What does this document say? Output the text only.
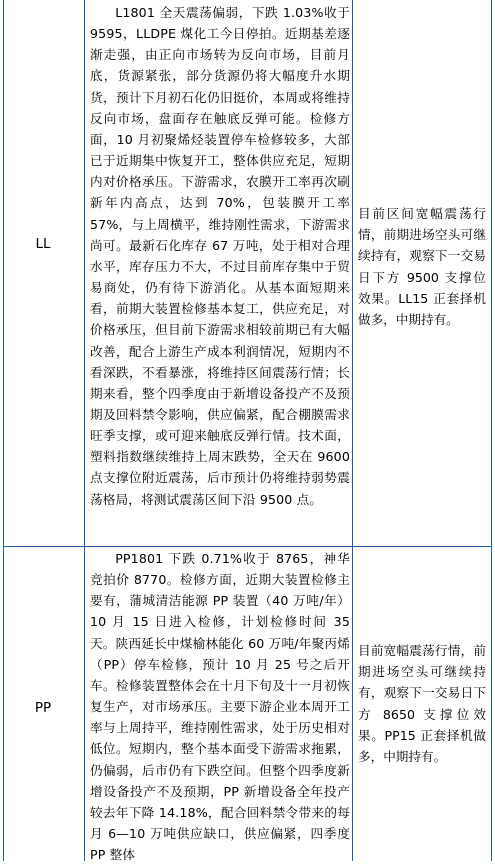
LL

L1801 全天震荡偏弱，下跌 1.03%收于 9595，LLDPE 煤化工今日停拍。近期基差逐渐走强，由正向市场转为反向市场，目前月底，货源紧张，部分货源仍将大幅度升水期货，预计下月初石化仍旧挺价，本周或将维持反向市场，盘面存在触底反弹可能。检修方面，10 月初聚烯烃装置停车检修较多，大部已于近期集中恢复开工，整体供应充足，短期内对价格承压。下游需求，农膜开工率再次刷新年内高点，达到 70%，包装膜开工率 57%，与上周横平，维持刚性需求，下游需求尚可。最新石化库存 67 万吨，处于相对合理水平，库存压力不大，不过目前库存集中于贸易商处，仍有待下游消化。从基本面短期来看，前期大装置检修基本复工，供应充足，对价格承压，但目前下游需求相较前期已有大幅改善，配合上游生产成本利润情况，短期内不看深跌，不看暴涨，将维持区间震荡行情；长期来看，整个四季度由于新增设备投产不及预期及回料禁令影响，供应偏紧，配合棚膜需求旺季支撑，或可迎来触底反弹行情。技术面，塑料指数继续维持上周末跌势，全天在 9600 点支撑位附近震荡，后市预计仍将维持弱势震荡格局，将测试震荡区间下沿 9500 点。

目前区间宽幅震荡行情，前期进场空头可继续持有，观察下一交易日下方 9500 支撑位效果。LL15 正套择机做多，中期持有。
PP

PP1801 下跌 0.71%收于 8765，神华竞拍价 8770。检修方面，近期大装置检修主要有，蒲城清洁能源 PP 装置（40 万吨/年）10 月 15 日进入检修，计划检修时间 35 天。陕西延长中煤榆林能化 60 万吨/年聚丙烯（PP）停车检修，预计 10 月 25 号之后开车。检修装置整体会在十月下旬及十一月初恢复生产，对市场承压。主要下游企业本周开工率与上周持平，维持刚性需求，处于历史相对低位。短期内，整个基本面受下游需求拖累，仍偏弱，后市仍有下跌空间。但整个四季度新增设备投产不及预期，PP 新增设备全年投产较去年下降 14.18%，配合回料禁令带来的每月 6—10 万吨供应缺口，供应偏紧，四季度 PP 整体

目前宽幅震荡行情，前期进场空头可继续持有，观察下一交易日下方 8650 支撑位效果。PP15 正套择机做多，中期持有。
